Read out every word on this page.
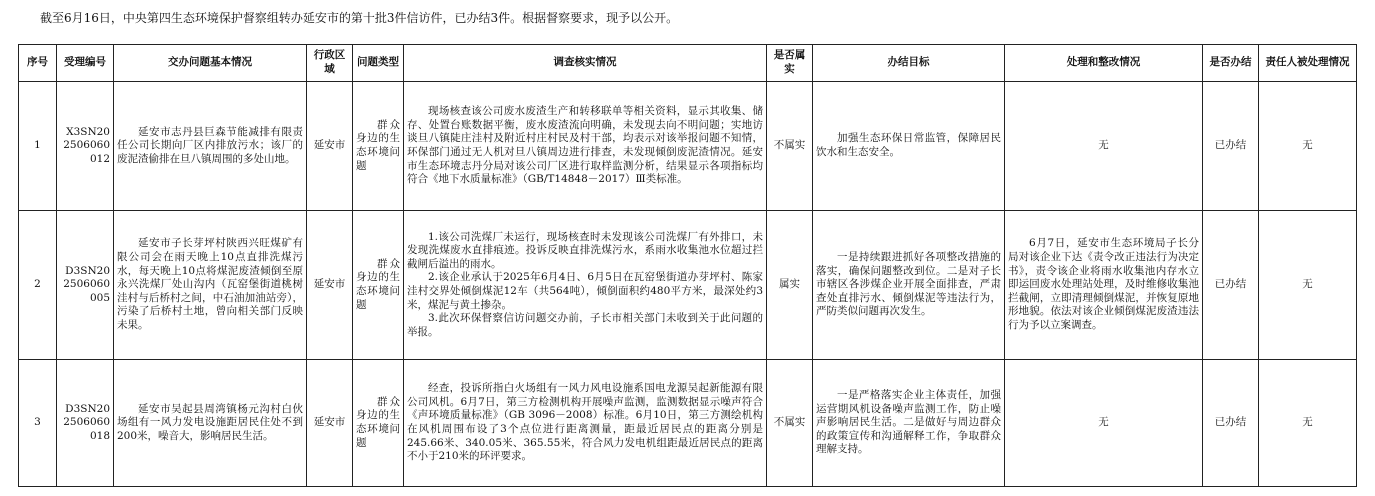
截至6月16日，中央第四生态环境保护督察组转办延安市的第十批3件信访件，已办结3件。根据督察要求，现予以公开。
序号	受理编号	交办问题基本情况	行政区域	问题类型	调查核实情况	是否属实	办结目标	处理和整改情况	是否办结	责任人被处理情况
1	X3SN202506060012	延安市志丹县巨森节能减排有限责任公司长期向厂区内排放污水；该厂的废泥渣偷排在旦八镇周围的多处山地。	延安市	群众身边的生态环境问题	现场核查该公司废水废渣生产和转移联单等相关资料，显示其收集、储存、处置台账数据平衡，废水废渣流向明确，未发现去向不明问题；实地访谈旦八镇陡庄洼村及附近村庄村民及村干部，均表示对该举报问题不知情，环保部门通过无人机对旦八镇周边进行排查，未发现倾倒废泥渣情况。延安市生态环境志丹分局对该公司厂区进行取样监测分析，结果显示各项指标均符合《地下水质量标准》（GB/T14848－2017）Ⅲ类标准。	不属实	加强生态环保日常监管，保障居民饮水和生态安全。	无	已办结	无
2	D3SN202506060005	延安市子长芽坪村陕西兴旺煤矿有限公司会在雨天晚上10点直排洗煤污水，每天晚上10点将煤泥废渣倾倒至原永兴洗煤厂处山沟内（瓦窑堡街道桃树洼村与后桥村之间，中石油加油站旁），污染了后桥村土地，曾向相关部门反映未果。	延安市	群众身边的生态环境问题	1.该公司洗煤厂未运行，现场核查时未发现该公司洗煤厂有外排口，未发现洗煤废水直排痕迹。投诉反映直排洗煤污水，系雨水收集池水位超过拦截闸后溢出的雨水。
2.该企业承认于2025年6月4日、6月5日在瓦窑堡街道办芽坪村、陈家洼村交界处倾倒煤泥12车（共564吨），倾倒面积约480平方米，最深处约3米，煤泥与黄土掺杂。
3.此次环保督察信访问题交办前，子长市相关部门未收到关于此问题的举报。	属实	一是持续跟进抓好各项整改措施的落实，确保问题整改到位。二是对子长市辖区各涉煤企业开展全面排查，严肃查处直排污水、倾倒煤泥等违法行为，严防类似问题再次发生。	6月7日，延安市生态环境局子长分局对该企业下达《责令改正违法行为决定书》，责令该企业将雨水收集池内存水立即运回废水处理站处理，及时维修收集池拦截闸，立即清理倾倒煤泥，并恢复原地形地貌。依法对该企业倾倒煤泥废渣违法行为予以立案调查。	已办结	无
3	D3SN202506060018	延安市吴起县周湾镇杨元沟村白伙场组有一风力发电设施距居民住处不到200米，噪音大，影响居民生活。	延安市	群众身边的生态环境问题	经查，投诉所指白火场组有一风力风电设施系国电龙源吴起新能源有限公司风机。6月7日，第三方检测机构开展噪声监测，监测数据显示噪声符合《声环境质量标准》（GB 3096－2008）标准。6月10日，第三方测绘机构在风机周围布设了3个点位进行距离测量，距最近居民点的距离分别是245.66米、340.05米、365.55米，符合风力发电机组距最近居民点的距离不小于210米的环评要求。	不属实	一是严格落实企业主体责任，加强运营期风机设备噪声监测工作，防止噪声影响居民生活。二是做好与周边群众的政策宣传和沟通解释工作，争取群众理解支持。	无	已办结	无
